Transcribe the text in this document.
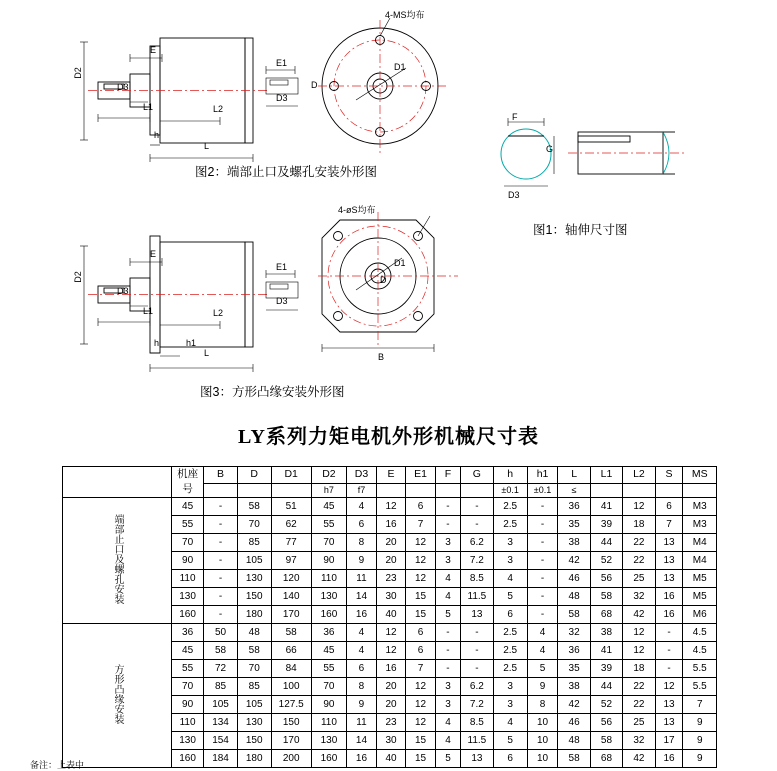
D2
E
E1
D3
D3
L1	L2
L
h
4-MS均布
D
D1
图2：端部止口及螺孔安装外形图
F
G
D3
图1：轴伸尺寸图
D2
E
E1
D3
D3
L1	L2
L
h	h1
4-øS均布
D
D1
B
图3：方形凸缘安装外形图
LY系列力矩电机外形机械尺寸表
	机座号	B	D	D1	D2	D3	E	E1	F	G	h	h1	L	L1	L2	S	MS
					h7	f7					±0.1	±0.1	≤				
端部止口及螺孔安装	45	-	58	51	45	4	12	6	-	-	2.5	-	36	41	12	6	M3
	55	-	70	62	55	6	16	7	-	-	2.5	-	35	39	18	7	M3
	70	-	85	77	70	8	20	12	3	6.2	3	-	38	44	22	13	M4
	90	-	105	97	90	9	20	12	3	7.2	3	-	42	52	22	13	M4
	110	-	130	120	110	11	23	12	4	8.5	4	-	46	56	25	13	M5
	130	-	150	140	130	14	30	15	4	11.5	5	-	48	58	32	16	M5
	160	-	180	170	160	16	40	15	5	13	6	-	58	68	42	16	M6
方形凸缘安装	36	50	48	58	36	4	12	6	-	-	2.5	4	32	38	12	-	4.5
	45	58	58	66	45	4	12	6	-	-	2.5	4	36	41	12	-	4.5
	55	72	70	84	55	6	16	7	-	-	2.5	5	35	39	18	-	5.5
	70	85	85	100	70	8	20	12	3	6.2	3	9	38	44	22	12	5.5
	90	105	105	127.5	90	9	20	12	3	7.2	3	8	42	52	22	13	7
	110	134	130	150	110	11	23	12	4	8.5	4	10	46	56	25	13	9
	130	154	150	170	130	14	30	15	4	11.5	5	10	48	58	32	17	9
	160	184	180	200	160	16	40	15	5	13	6	10	58	68	42	16	9
备注：上表中……
